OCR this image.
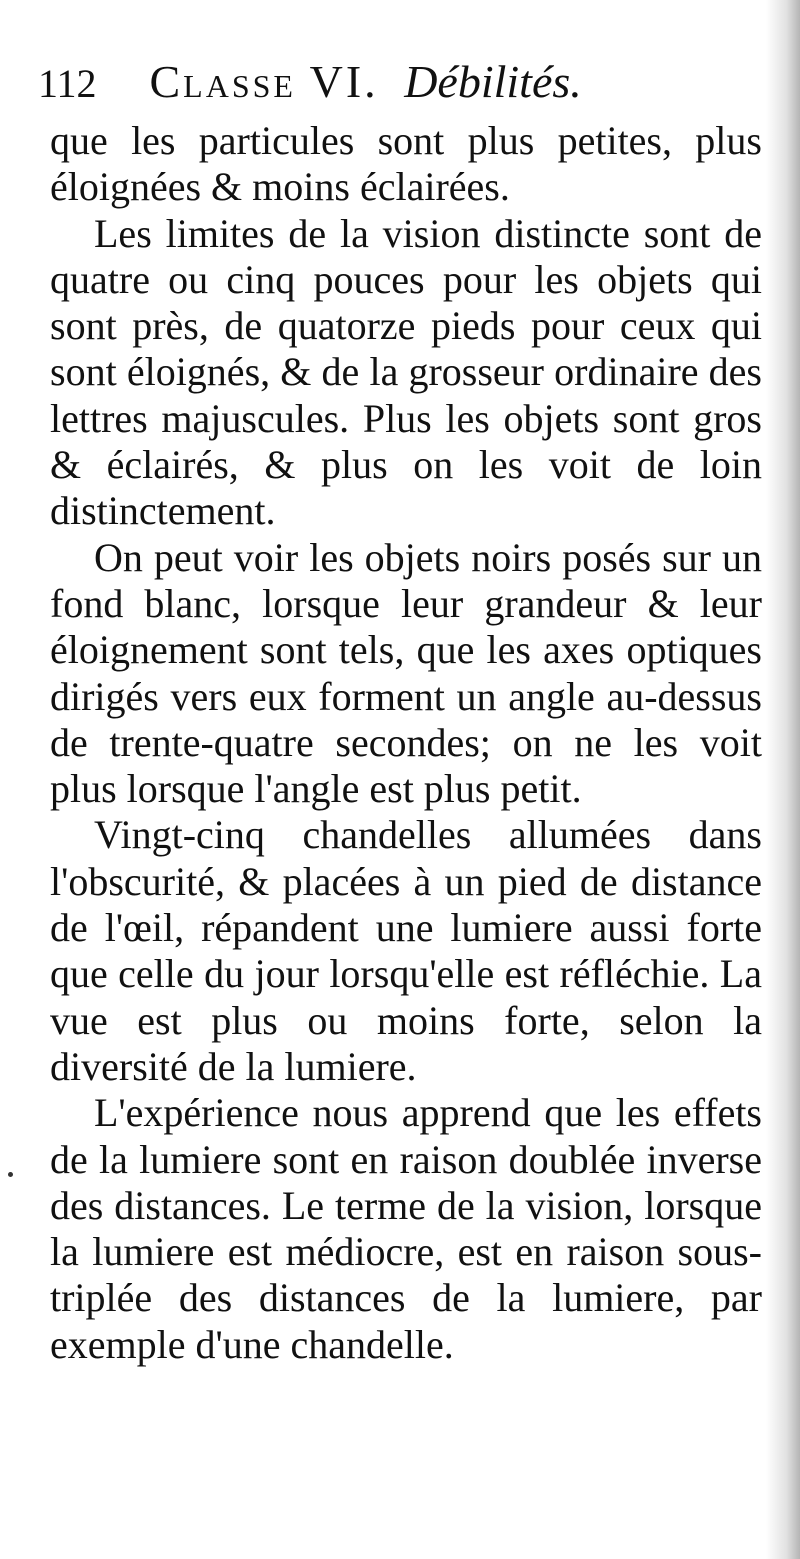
112 Classe VI. Débilités.

que les particules sont plus petites, plus éloignées & moins éclairées.

Les limites de la vision distincte sont de quatre ou cinq pouces pour les objets qui sont près, de quatorze pieds pour ceux qui sont éloignés, & de la grosseur ordinaire des lettres majuscules. Plus les objets sont gros & éclairés, & plus on les voit de loin distinctement.

On peut voir les objets noirs posés sur un fond blanc, lorsque leur grandeur & leur éloignement sont tels, que les axes optiques dirigés vers eux forment un angle au-dessus de trente-quatre secondes; on ne les voit plus lorsque l'angle est plus petit.

Vingt-cinq chandelles allumées dans l'obscurité, & placées à un pied de distance de l'œil, répandent une lumiere aussi forte que celle du jour lorsqu'elle est réfléchie. La vue est plus ou moins forte, selon la diversité de la lumiere.

L'expérience nous apprend que les effets de la lumiere sont en raison doublée inverse des distances. Le terme de la vision, lorsque la lumiere est médiocre, est en raison sous-triplée des distances de la lumiere, par exemple d'une chandelle.
